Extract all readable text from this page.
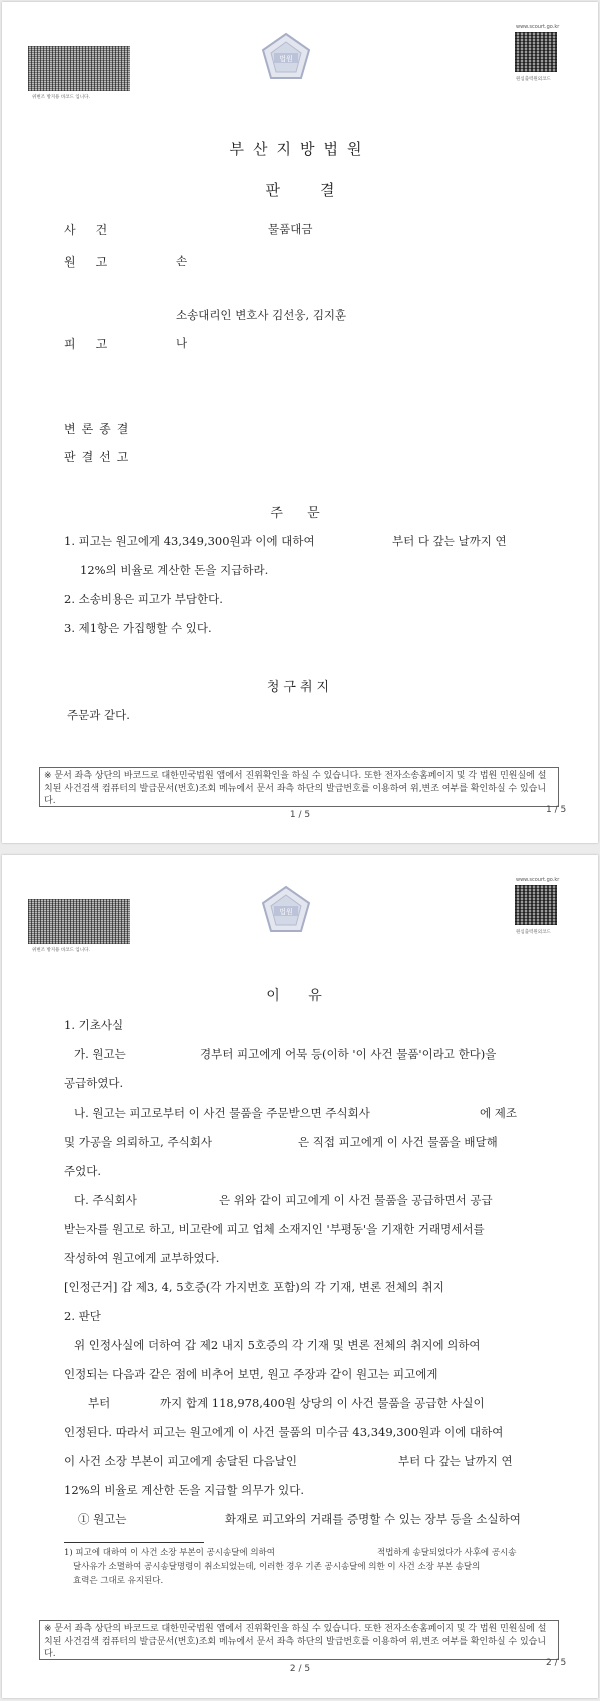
위변조 방지용 바코드 입니다.
법원
www.scourt.go.kr
원심출력원외코드
부산지방법원
판결
사건	물품대금
원고	손
소송대리인 변호사 김선웅, 김지훈
피고	나
변론종결
판결선고
주 문
1. 피고는 원고에게 43,349,300원과 이에 대하여	부터 다 갚는 날까지 연
12%의 비율로 계산한 돈을 지급하라.
2. 소송비용은 피고가 부담한다.
3. 제1항은 가집행할 수 있다.
청구취지
주문과 같다.
※ 문서 좌측 상단의 바코드로 대한민국법원 앱에서 진위확인을 하실 수 있습니다. 또한 전자소송홈페이지 및 각 법원 민원실에 설치된 사건검색 컴퓨터의 발급문서(번호)조회 메뉴에서 문서 좌측 하단의 발급번호를 이용하여 위,변조 여부를 확인하실 수 있습니다.
1 / 5	1 / 5
위변조 방지용 바코드 입니다.
법원
www.scourt.go.kr
원심출력원외코드
이 유
1. 기초사실
가. 원고는	경부터 피고에게 어묵 등(이하 '이 사건 물품'이라고 한다)을
공급하였다.
나. 원고는 피고로부터 이 사건 물품을 주문받으면 주식회사	에 제조
및 가공을 의뢰하고, 주식회사	은 직접 피고에게 이 사건 물품을 배달해
주었다.
다. 주식회사	은 위와 같이 피고에게 이 사건 물품을 공급하면서 공급
받는자를 원고로 하고, 비고란에 피고 업체 소재지인 '부평동'을 기재한 거래명세서를
작성하여 원고에게 교부하였다.
[인정근거] 갑 제3, 4, 5호증(각 가지번호 포함)의 각 기재, 변론 전체의 취지
2. 판단
위 인정사실에 더하여 갑 제2 내지 5호증의 각 기재 및 변론 전체의 취지에 의하여
인정되는 다음과 같은 점에 비추어 보면, 원고 주장과 같이 원고는 피고에게
부터	까지 합계 118,978,400원 상당의 이 사건 물품을 공급한 사실이
인정된다. 따라서 피고는 원고에게 이 사건 물품의 미수금 43,349,300원과 이에 대하여
이 사건 소장 부본이 피고에게 송달된 다음날인	부터 다 갚는 날까지 연
12%의 비율로 계산한 돈을 지급할 의무가 있다.
① 원고는	화재로 피고와의 거래를 증명할 수 있는 장부 등을 소실하여
1) 피고에 대하여 이 사건 소장 부본이 공시송달에 의하여	적법하게 송달되었다가 사후에 공시송
달사유가 소멸하여 공시송달명령이 취소되었는데, 이러한 경우 기존 공시송달에 의한 이 사건 소장 부본 송달의
효력은 그대로 유지된다.
※ 문서 좌측 상단의 바코드로 대한민국법원 앱에서 진위확인을 하실 수 있습니다. 또한 전자소송홈페이지 및 각 법원 민원실에 설치된 사건검색 컴퓨터의 발급문서(번호)조회 메뉴에서 문서 좌측 하단의 발급번호를 이용하여 위,변조 여부를 확인하실 수 있습니다.
2 / 5
2 / 5
